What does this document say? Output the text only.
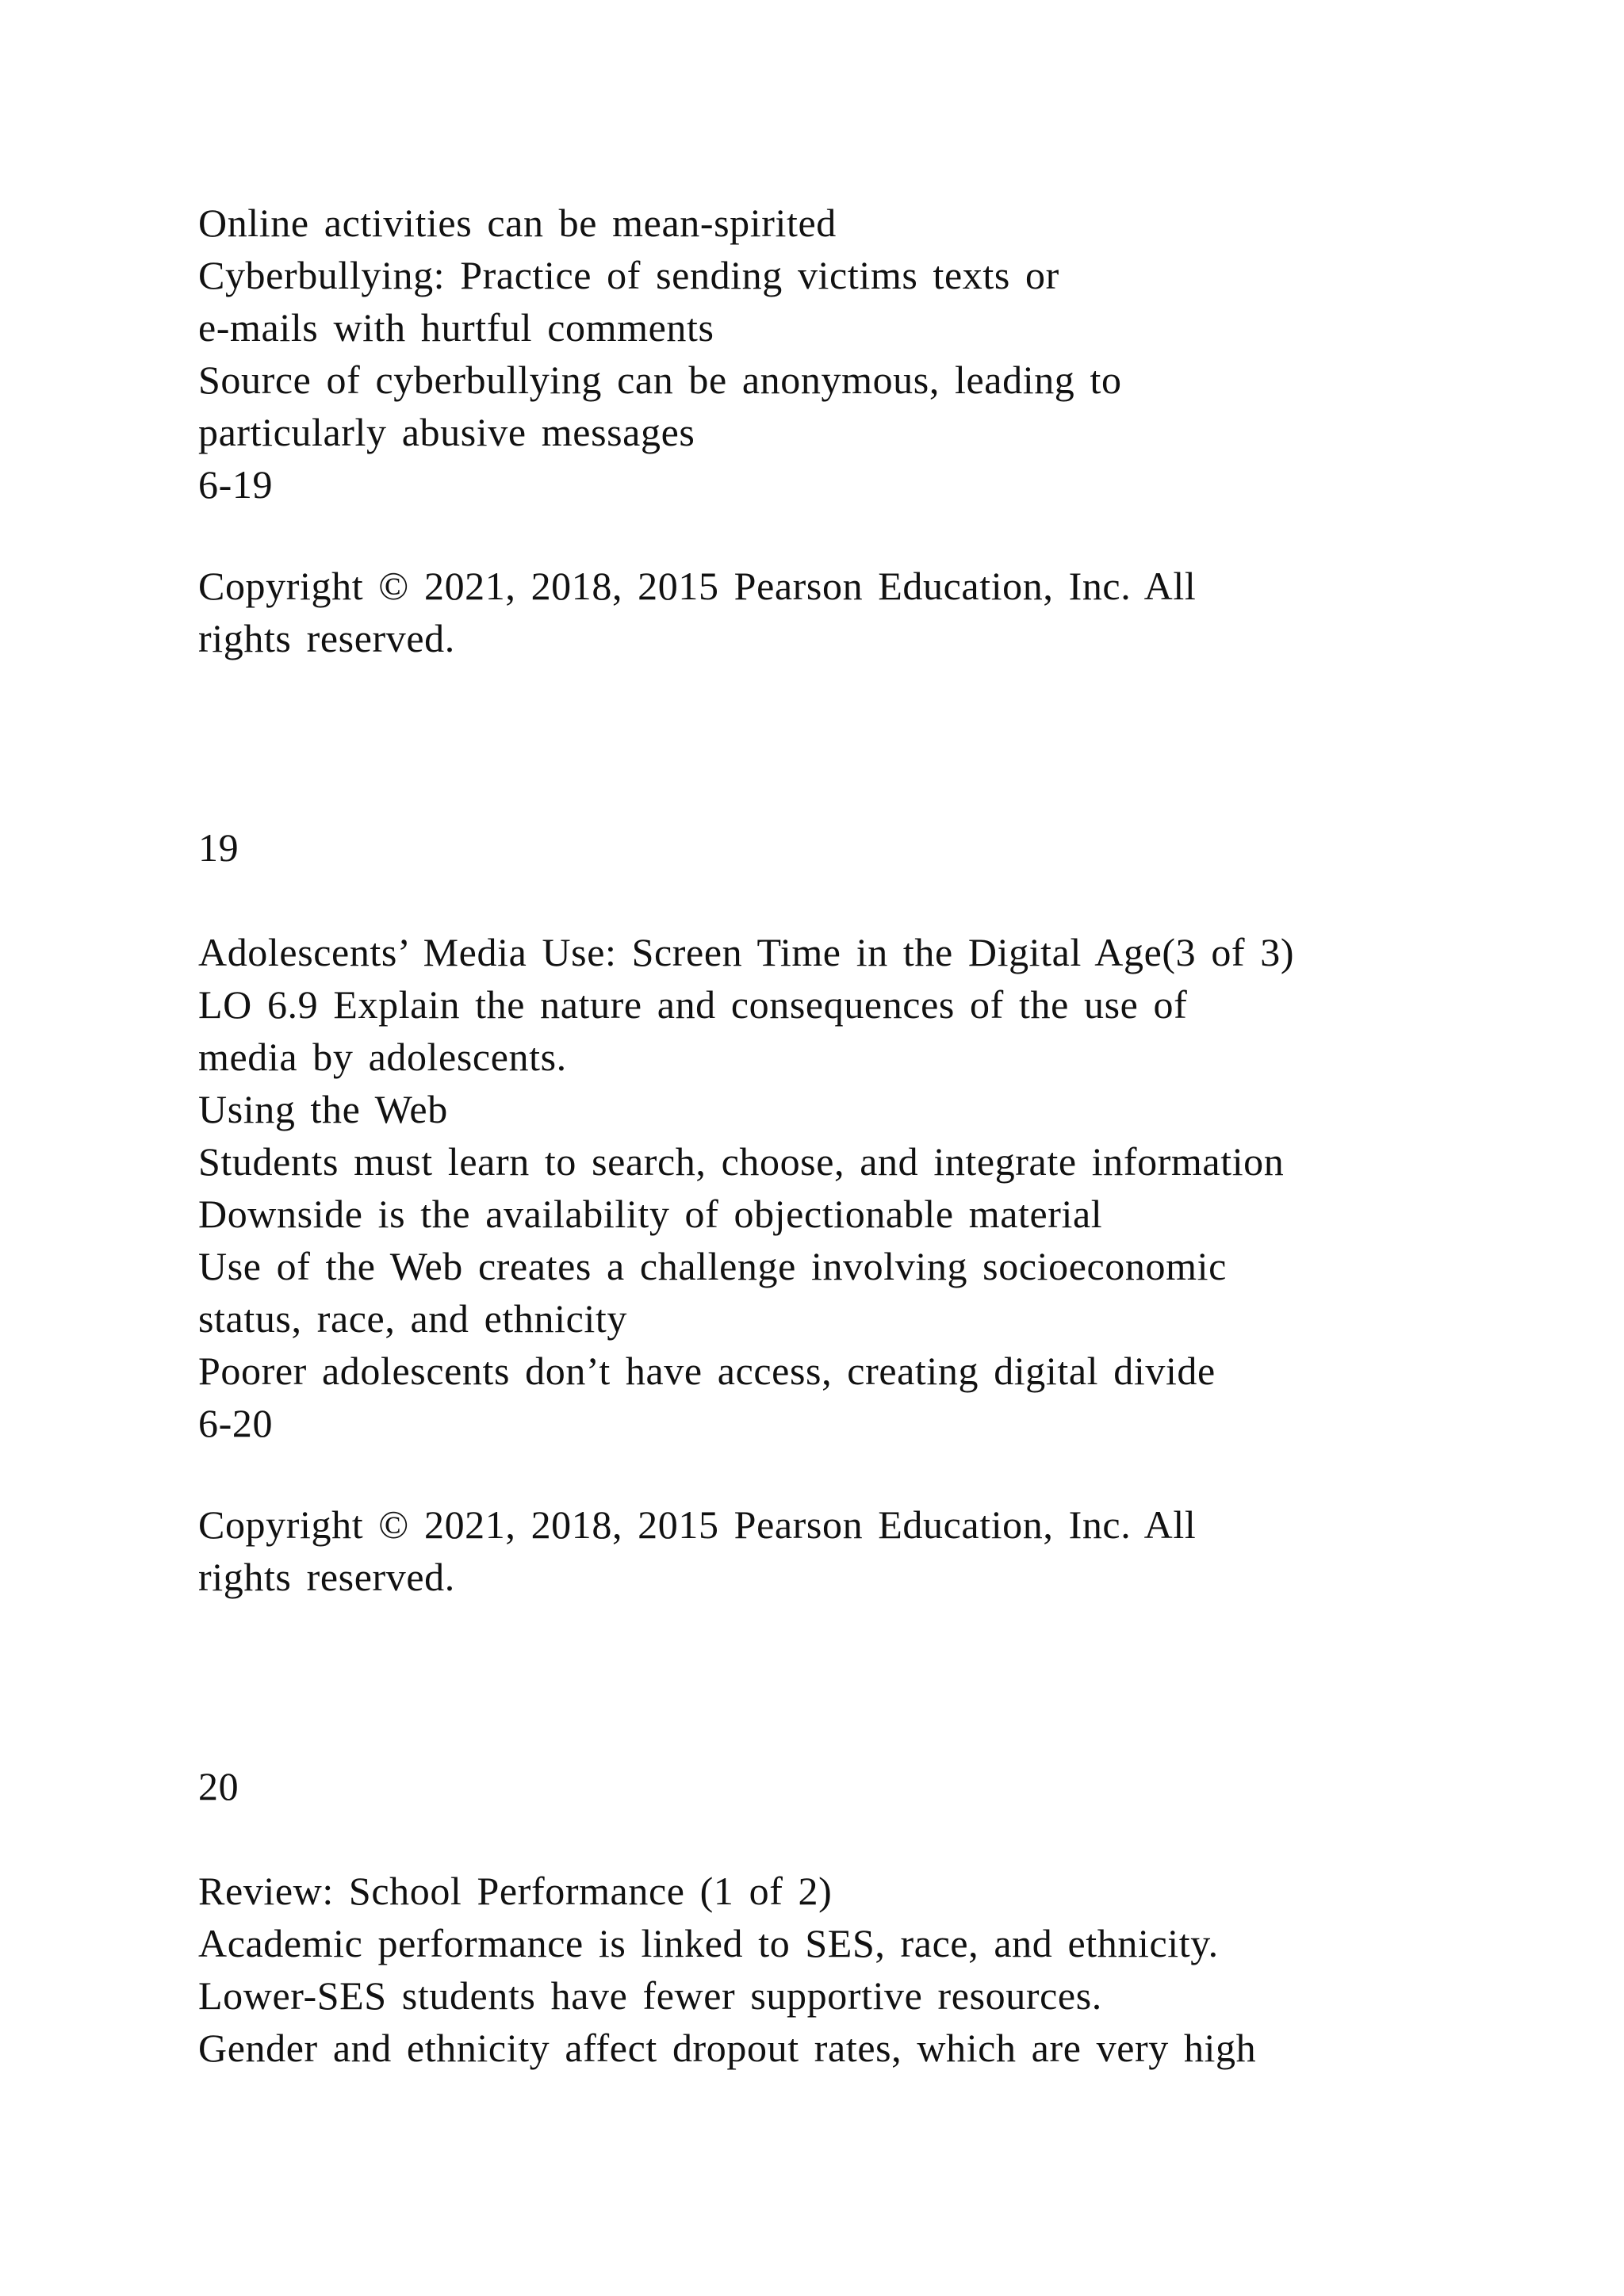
Online activities can be mean-spirited
Cyberbullying: Practice of sending victims texts or
e-mails with hurtful comments
Source of cyberbullying can be anonymous, leading to
particularly abusive messages
6-19
Copyright © 2021, 2018, 2015 Pearson Education, Inc. All
rights reserved.
19
Adolescents’ Media Use: Screen Time in the Digital Age(3 of 3)
LO 6.9 Explain the nature and consequences of the use of
media by adolescents.
Using the Web
Students must learn to search, choose, and integrate information
Downside is the availability of objectionable material
Use of the Web creates a challenge involving socioeconomic
status, race, and ethnicity
Poorer adolescents don’t have access, creating digital divide
6-20
Copyright © 2021, 2018, 2015 Pearson Education, Inc. All
rights reserved.
20
Review: School Performance (1 of 2)
Academic performance is linked to SES, race, and ethnicity.
Lower-SES students have fewer supportive resources.
Gender and ethnicity affect dropout rates, which are very high
